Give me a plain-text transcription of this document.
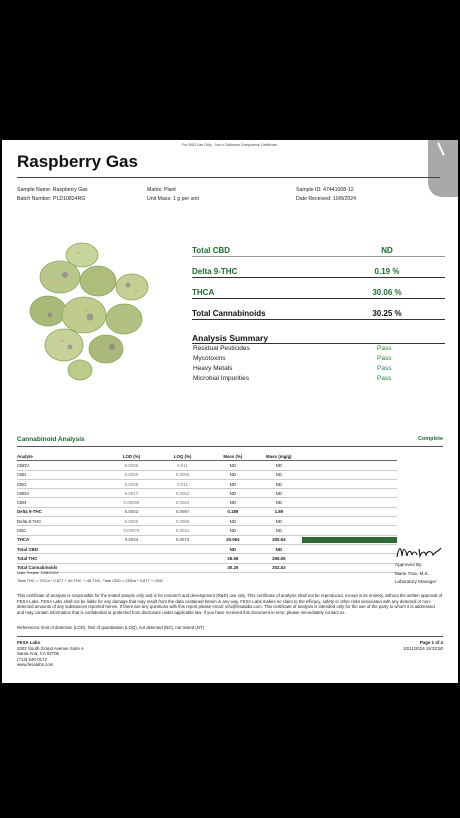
For R&D Use Only - Not a California Compliance Certificate.
Raspberry Gas
Sample Name: Raspberry Gas
Batch Number: PLD10824RG
Matrix: Plant
Unit Mass: 1 g per unit
Sample ID: 47441008-12
Date Received: 10/8/2024
Total CBD	ND
Delta 9-THC	0.19 %
THCA	30.06 %
Total Cannabinoids	30.25 %
Analysis Summary
Residual Pesticides	Pass
Mycotoxins	Pass
Heavy Metals	Pass
Microbial Impurities	Pass
Cannabinoid Analysis	Complete
Analyte	LOD (%)	LOQ (%)	Mass (%)	Mass (mg/g)	
CBDV	0.0035	0.011	ND	ND	
CBD	0.0030	0.0090	ND	ND	
CBG	0.0038	0.011	ND	ND	
CBDA	0.0017	0.0052	ND	ND	
CBN	0.00080	0.0024	ND	ND	
Delta 9-THC	0.0022	0.0067	0.189	1.89	
Delta 8-THC	0.0020	0.0059	ND	ND	
CBC	0.00070	0.0021	ND	ND	
THCA	0.0024	0.0073	30.064	300.64	
Total CBD			ND	ND	
Total THC			26.56	265.55	
Total Cannabinoids			30.25	302.53	
Date Tested: 10/8/2024
Total THC = THCa * 0.877 + d9-THC + d8-THC; Total CBD = CBDa * 0.877 + CBD
Approved By:
Marie True, M.S.
Laboratory Manager
This certificate of analysis is responsible for the tested sample only and is for research and development (R&D) use only. This certificate of analysis shall not be reproduced, except in its entirety, without the written approval of FESA Labs. FESA Labs shall not be liable for any damage that may result from the data contained herein in any way. FESA Labs makes no claim to the efficacy, safety or other risks associated with any detected or non-detected amounts of any substances reported herein. If there are any questions with this report please email: info@fesalabs.com. This certificate of analysis is intended only for the use of the party to whom it is addressed and may contain information that is confidential or protected from disclosure under applicable law. If you have received this document in error, please immediately contact us.
References: limit of detection (LOD), limit of quantitation (LOQ), not detected (ND), not tested (NT)
FESA Labs
2002 South Grand Avenue Suite A
Santa Ana, CA 92705
(714) 540-0172
www.fesalabs.com
Page 1 of 4
10/11/2024 19:33:50
